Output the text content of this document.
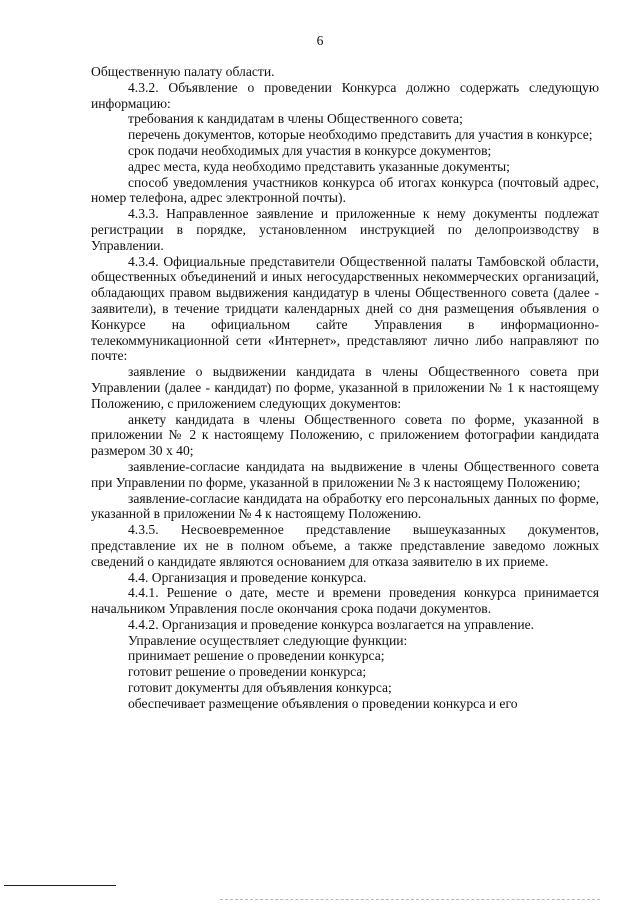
6

Общественную палату области.

4.3.2. Объявление о проведении Конкурса должно содержать следующую информацию:

требования к кандидатам в члены Общественного совета;

перечень документов, которые необходимо представить для участия в конкурсе;

срок подачи необходимых для участия в конкурсе документов;

адрес места, куда необходимо представить указанные документы;

способ уведомления участников конкурса об итогах конкурса (почтовый адрес, номер телефона, адрес электронной почты).

4.3.3. Направленное заявление и приложенные к нему документы подлежат регистрации в порядке, установленном инструкцией по делопроизводству в Управлении.

4.3.4. Официальные представители Общественной палаты Тамбовской области, общественных объединений и иных негосударственных некоммерческих организаций, обладающих правом выдвижения кандидатур в члены Общественного совета (далее - заявители), в течение тридцати календарных дней со дня размещения объявления о Конкурсе на официальном сайте Управления в информационно-телекоммуникационной сети «Интернет», представляют лично либо направляют по почте:

заявление о выдвижении кандидата в члены Общественного совета при Управлении (далее - кандидат) по форме, указанной в приложении № 1 к настоящему Положению, с приложением следующих документов:

анкету кандидата в члены Общественного совета по форме, указанной в приложении № 2 к настоящему Положению, с приложением фотографии кандидата размером 30 х 40;

заявление-согласие кандидата на выдвижение в члены Общественного совета при Управлении по форме, указанной в приложении № 3 к настоящему Положению;

заявление-согласие кандидата на обработку его персональных данных по форме, указанной в приложении № 4 к настоящему Положению.

4.3.5. Несвоевременное представление вышеуказанных документов, представление их не в полном объеме, а также представление заведомо ложных сведений о кандидате являются основанием для отказа заявителю в их приеме.

4.4. Организация и проведение конкурса.

4.4.1. Решение о дате, месте и времени проведения конкурса принимается начальником Управления после окончания срока подачи документов.

4.4.2. Организация и проведение конкурса возлагается на управление.

Управление осуществляет следующие функции:

принимает решение о проведении конкурса;

готовит решение о проведении конкурса;

готовит документы для объявления конкурса;

обеспечивает размещение объявления о проведении конкурса и его
